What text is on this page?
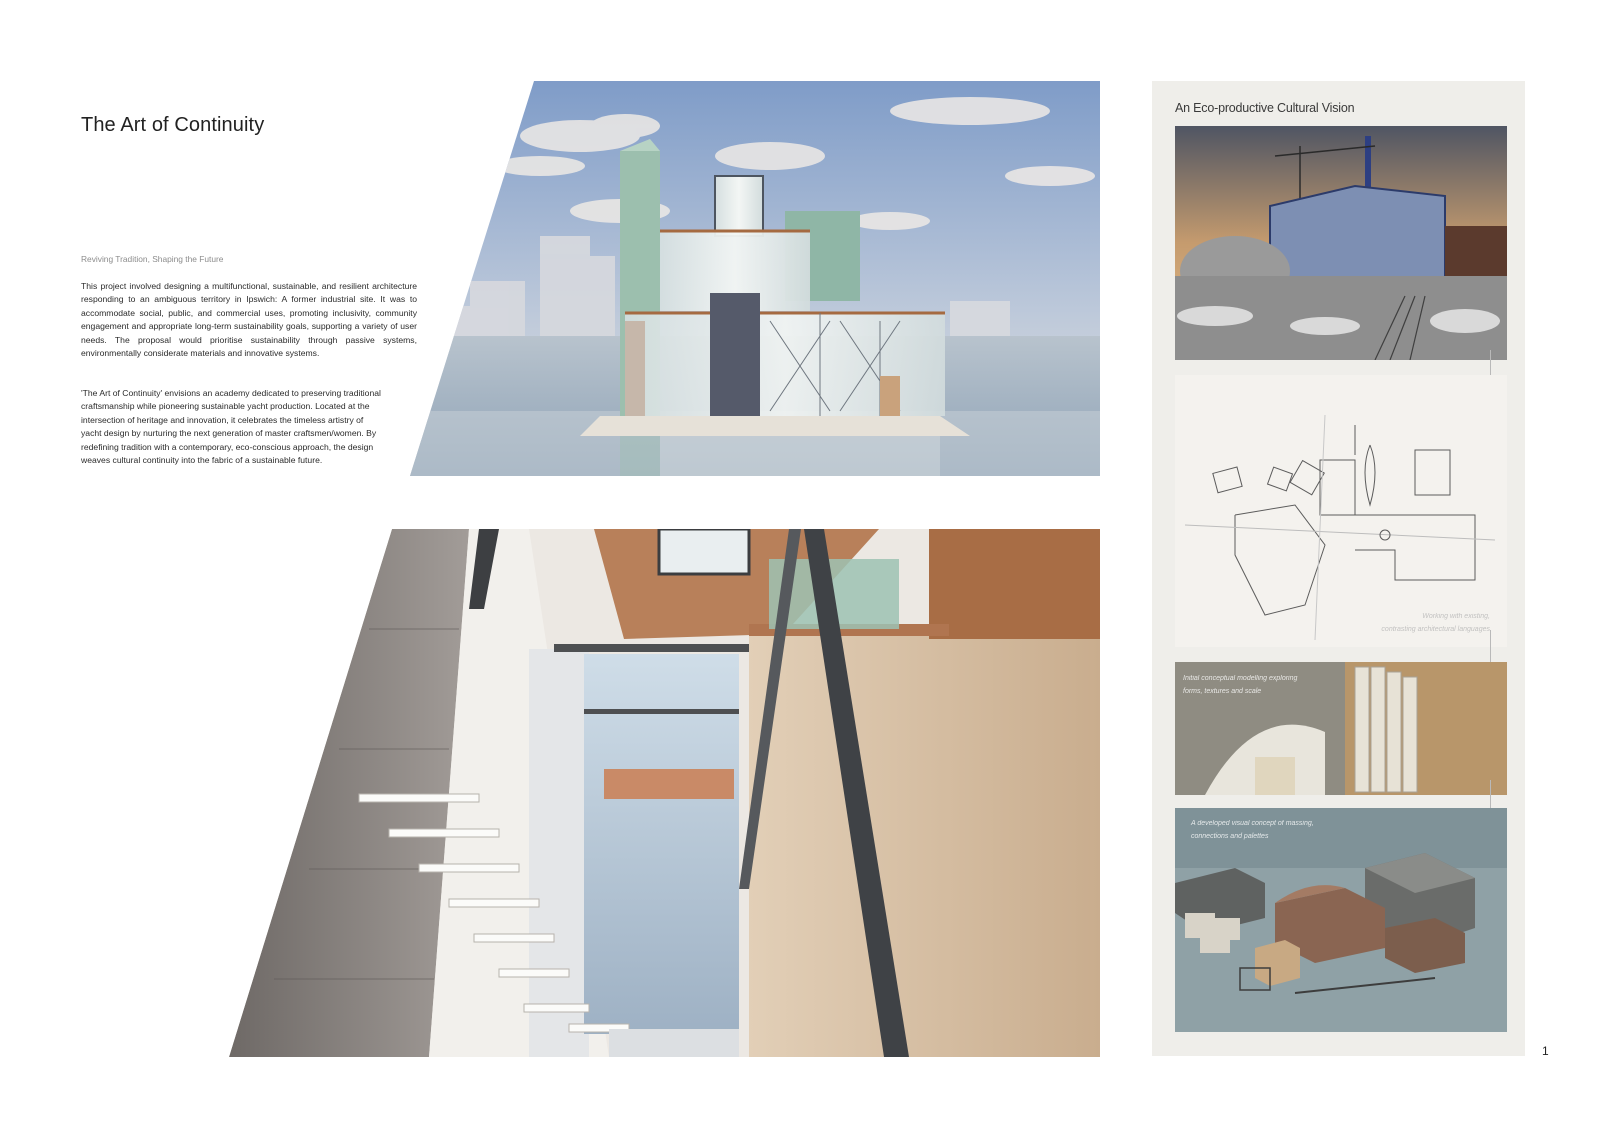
The Art of Continuity
Reviving Tradition, Shaping the Future
This project involved designing a multifunctional, sustainable, and resilient architecture responding to an ambiguous territory in Ipswich: A former industrial site. It was to accommodate social, public, and commercial uses, promoting inclusivity, community engagement and appropriate long-term sustainability goals, supporting a variety of user needs. The proposal would prioritise sustainability through passive systems, environmentally considerate materials and innovative systems.
'The Art of Continuity' envisions an academy dedicated to preserving traditional craftsmanship while pioneering sustainable yacht production. Located at the intersection of heritage and innovation, it celebrates the timeless artistry of yacht design by nurturing the next generation of master craftsmen/women. By redefining tradition with a contemporary, eco-conscious approach, the design weaves cultural continuity into the fabric of a sustainable future.
An Eco-productive Cultural Vision
Working with existing,
contrasting architectural languages
Initial conceptual modelling exploring
forms, textures and scale
A developed visual concept of massing,
connections and palettes
1
